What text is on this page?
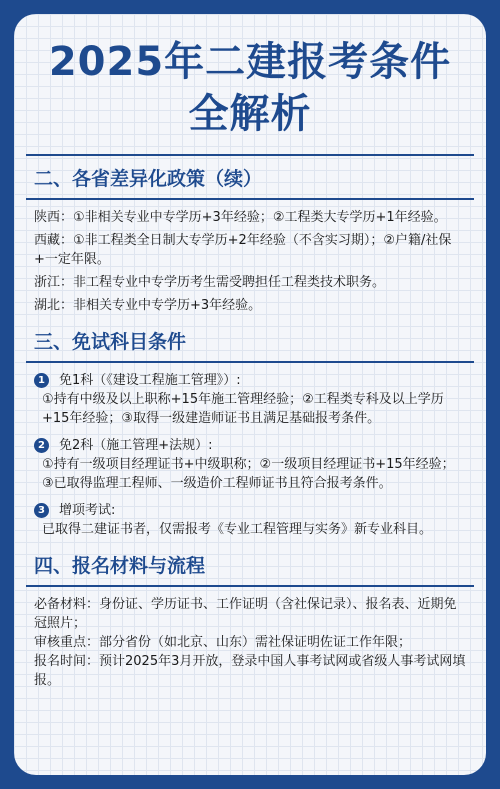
2025年二建报考条件全解析
二、各省差异化政策（续）
陕西：①非相关专业中专学历+3年经验；②工程类大专学历+1年经验。
西藏：①非工程类全日制大专学历+2年经验（不含实习期）；②户籍/社保+一定年限。
浙江：非工程专业中专学历考生需受聘担任工程类技术职务。
湖北：非相关专业中专学历+3年经验。
三、免试科目条件
1	免1科（《建设工程施工管理》）:
①持有中级及以上职称+15年施工管理经验；②工程类专科及以上学历+15年经验；③取得一级建造师证书且满足基础报考条件。
2	免2科（施工管理+法规）:
①持有一级项目经理证书+中级职称；②一级项目经理证书+15年经验；③已取得监理工程师、一级造价工程师证书且符合报考条件。
3	增项考试:
已取得二建证书者，仅需报考《专业工程管理与实务》新专业科目。
四、报名材料与流程
必备材料：身份证、学历证书、工作证明（含社保记录）、报名表、近期免冠照片；
审核重点：部分省份（如北京、山东）需社保证明佐证工作年限；
报名时间：预计2025年3月开放，登录中国人事考试网或省级人事考试网填报。
